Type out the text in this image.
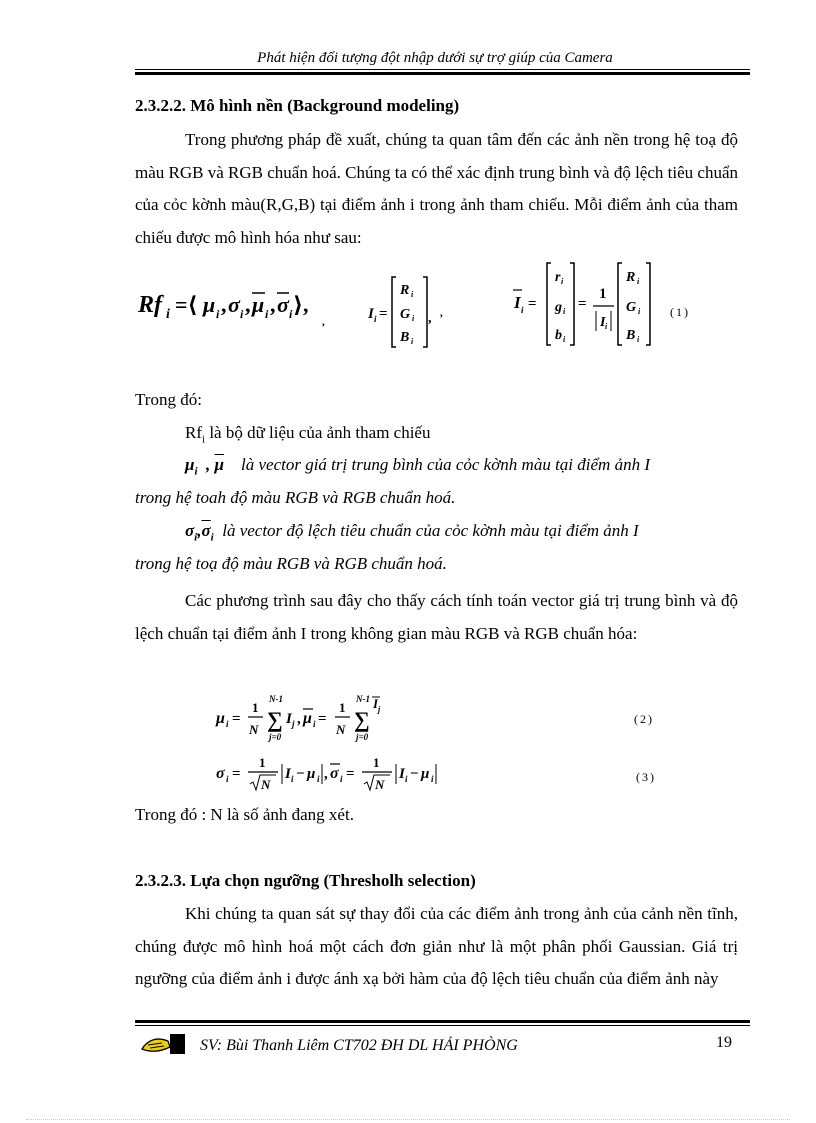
Phát hiện đối tượng đột nhập dưới sự trợ giúp của Camera
2.3.2.2. Mô hình nền (Background modeling)
Trong phương pháp đề xuất, chúng ta quan tâm đến các ảnh nền trong hệ toạ độ màu RGB và RGB chuẩn hoá. Chúng ta có thể xác định trung bình và độ lệch tiêu chuẩn của cỏc kờnh màu(R,G,B) tại điểm ảnh i trong ảnh tham chiếu. Mỗi điểm ảnh của tham chiếu được mô hình hóa như sau:
Rf i =⟨ μ i , σ i , μ i , σ i ⟩,
,	I i =
R i
G i
B i
, ,
I i =
r i
g i
b i
=
1
I i
R i
G i
B i
(1)
Trong đó:
$Rf_i$ là bộ dữ liệu của ảnh tham chiếu
$\mu_i$  , $\overline{\mu}$ là vector giá trị trung bình của cỏc kờnh màu tại điểm ảnh I
trong hệ toah độ màu RGB và RGB chuẩn hoá.
$\sigma_i,\overline{\sigma}_i$ là vector độ lệch tiêu chuẩn của cỏc kờnh màu tại điểm ảnh I
trong hệ toạ độ màu RGB và RGB chuẩn hoá.
Các phương trình sau đây cho thấy cách tính toán vector giá trị trung bình và độ lệch chuẩn tại điểm ảnh I trong không gian màu RGB và RGB chuẩn hóa:
μ i =
1
N
N-1
∑
j=0
I j , μ i =
1
N
N-1
∑
j=0
I j
(2)
σ i =
1
N
I i − μ i , σ i =
1
N
I i − μ i	(3)
Trong đó : N là số ảnh đang xét.
2.3.2.3. Lựa chọn ngưỡng (Thresholh selection)
Khi chúng ta quan sát sự thay đổi của các điểm ảnh trong ảnh của cảnh nền tĩnh, chúng được mô hình hoá một cách đơn giản như là một phân phối Gaussian. Giá trị ngưỡng của điểm ảnh i được ánh xạ bởi hàm của độ lệch tiêu chuẩn của điểm ảnh này
SV: Bùi Thanh Liêm CT702 ĐH DL HẢI PHÒNG	19
